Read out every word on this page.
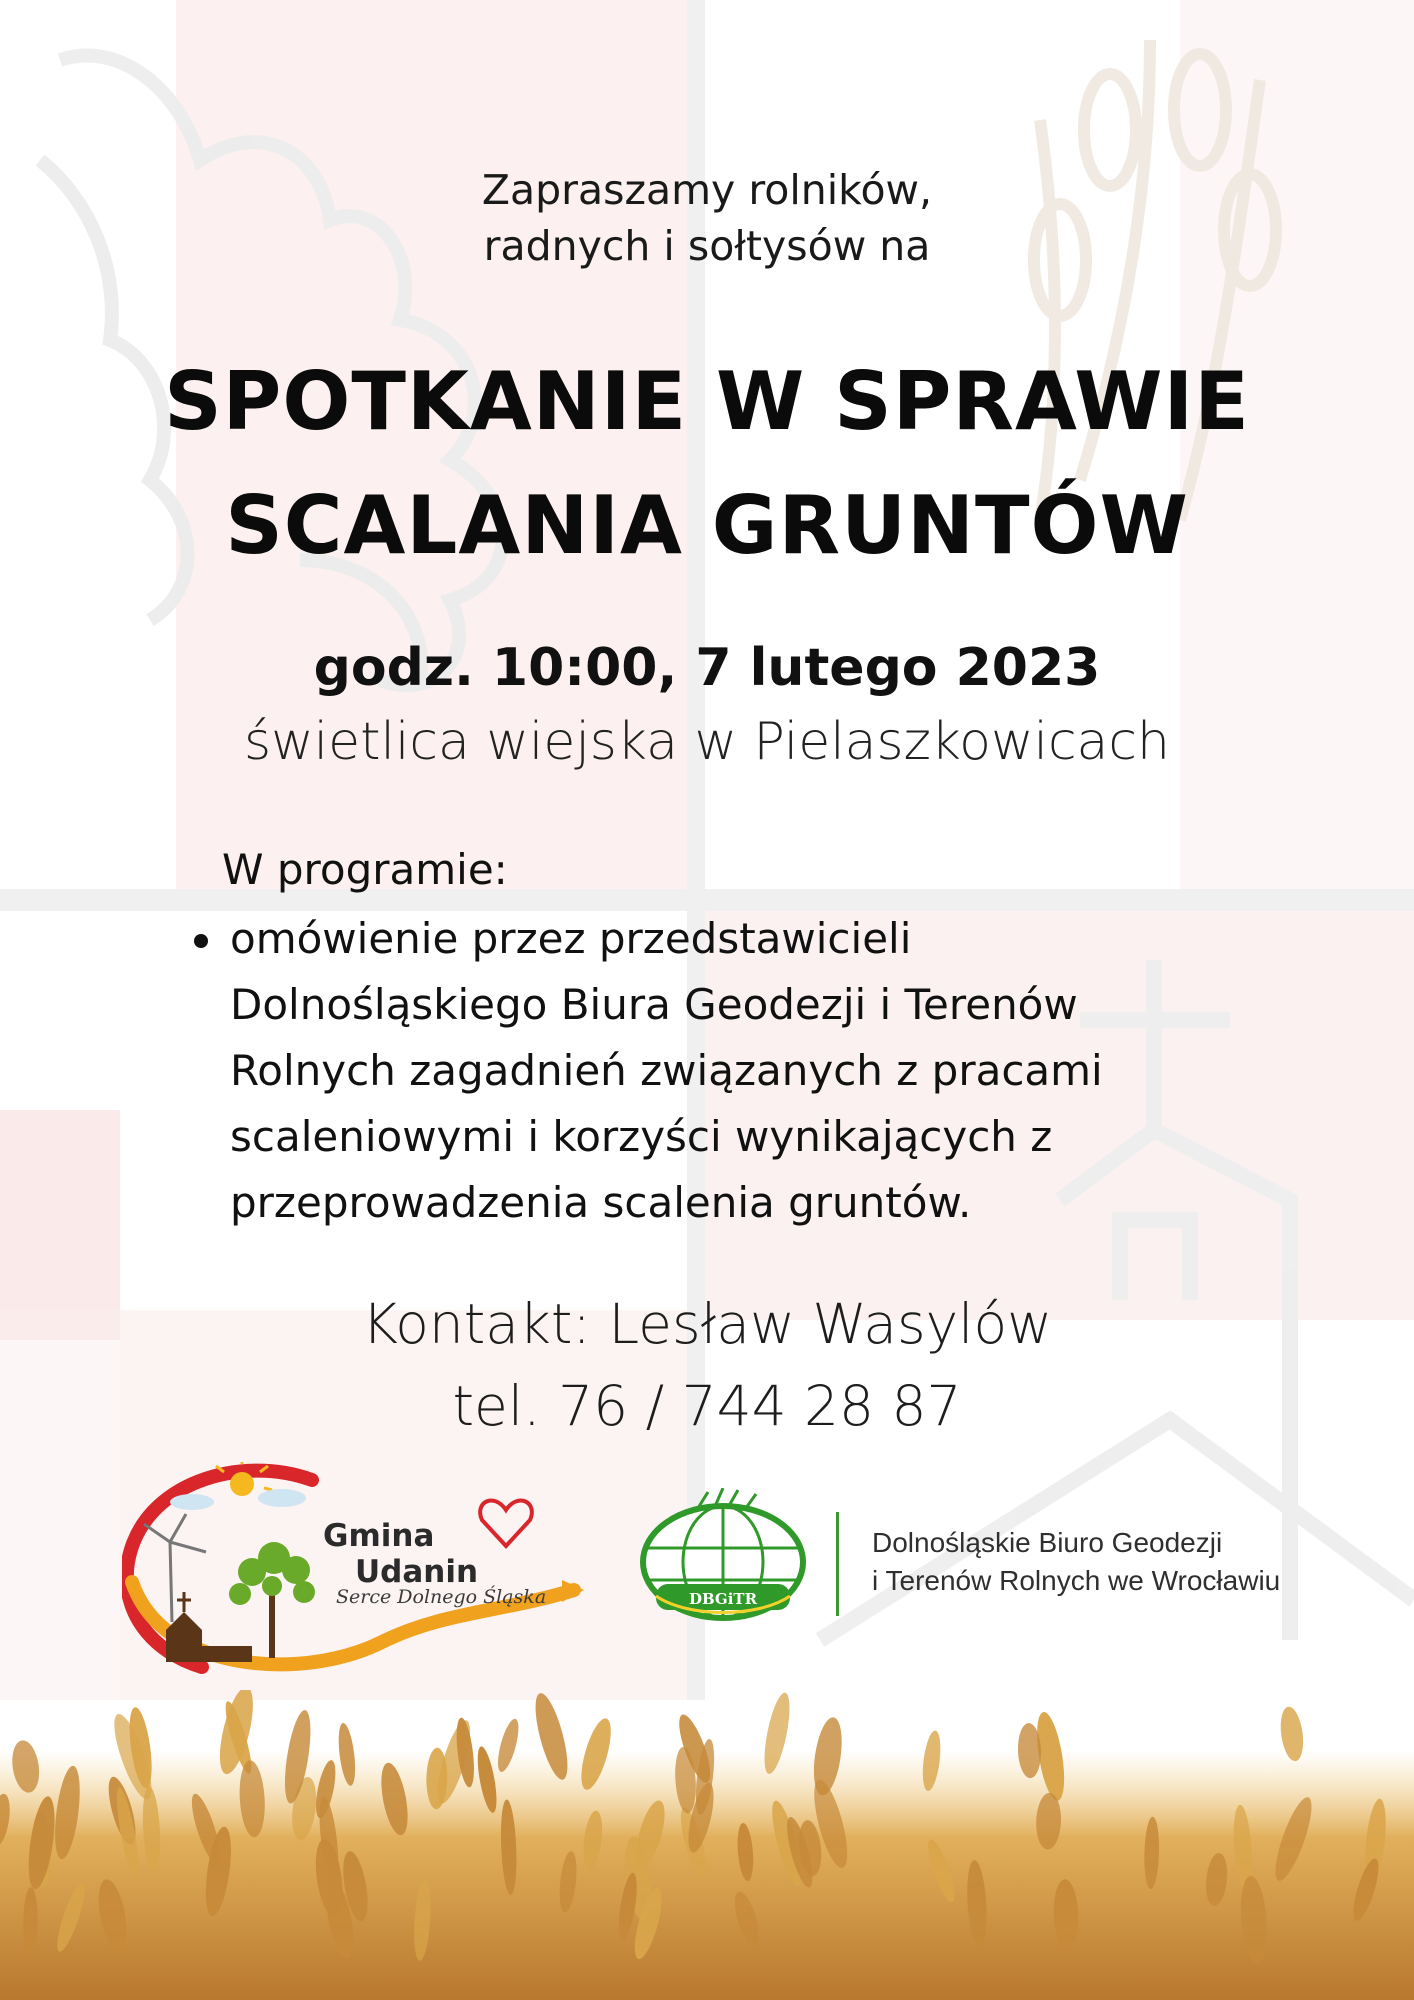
Zapraszamy rolników,
radnych i sołtysów na
SPOTKANIE W SPRAWIE
SCALANIA GRUNTÓW
godz. 10:00, 7 lutego 2023
świetlica wiejska w Pielaszkowicach
W programie:
omówienie przez przedstawicieli
Dolnośląskiego Biura Geodezji i Terenów
Rolnych zagadnień związanych z pracami
scaleniowymi i korzyści wynikających z
przeprowadzenia scalenia gruntów.
Kontakt: Lesław Wasylów
tel. 76 / 744 28 87
Gmina
Udanin
Serce Dolnego Śląska	DBGiTR
Dolnośląskie Biuro Geodezji
i Terenów Rolnych we Wrocławiu
